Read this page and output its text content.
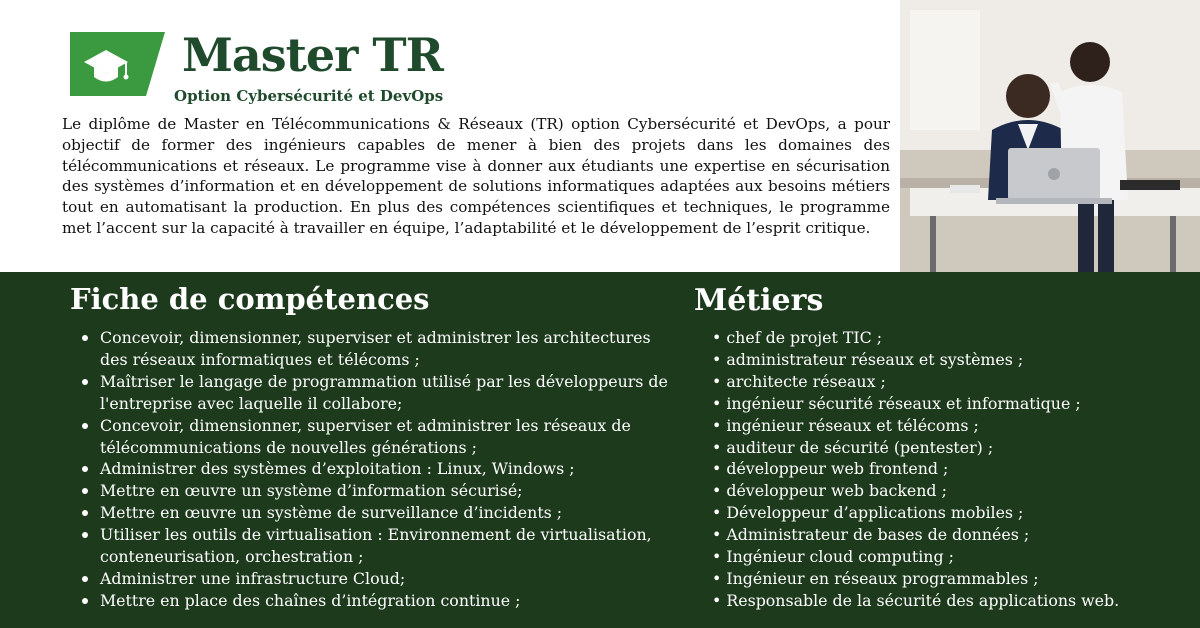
Master TR
Option Cybersécurité et DevOps

Le diplôme de Master en Télécommunications & Réseaux (TR) option Cybersécurité et DevOps, a pour objectif de former des ingénieurs capables de mener à bien des projets dans les domaines des télécommunications et réseaux. Le programme vise à donner aux étudiants une expertise en sécurisation des systèmes d’information et en développement de solutions informatiques adaptées aux besoins métiers tout en automatisant la production. En plus des compétences scientifiques et techniques, le programme met l’accent sur la capacité à travailler en équipe, l’adaptabilité et le développement de l’esprit critique.

Fiche de compétences
Concevoir, dimensionner, superviser et administrer les architectures des réseaux informatiques et télécoms ;
Maîtriser le langage de programmation utilisé par les développeurs de l'entreprise avec laquelle il collabore;
Concevoir, dimensionner, superviser et administrer les réseaux de télécommunications de nouvelles générations ;
Administrer des systèmes d’exploitation : Linux, Windows ;
Mettre en œuvre un système d’information sécurisé;
Mettre en œuvre un système de surveillance d’incidents ;
Utiliser les outils de virtualisation : Environnement de virtualisation, conteneurisation, orchestration ;
Administrer une infrastructure Cloud;
Mettre en place des chaînes d’intégration continue ;
Métiers
• chef de projet TIC ;
• administrateur réseaux et systèmes ;
• architecte réseaux ;
• ingénieur sécurité réseaux et informatique ;
• ingénieur réseaux et télécoms ;
• auditeur de sécurité (pentester) ;
• développeur web frontend ;
• développeur web backend ;
• Développeur d’applications mobiles ;
• Administrateur de bases de données ;
• Ingénieur cloud computing ;
• Ingénieur en réseaux programmables ;
• Responsable de la sécurité des applications web.
